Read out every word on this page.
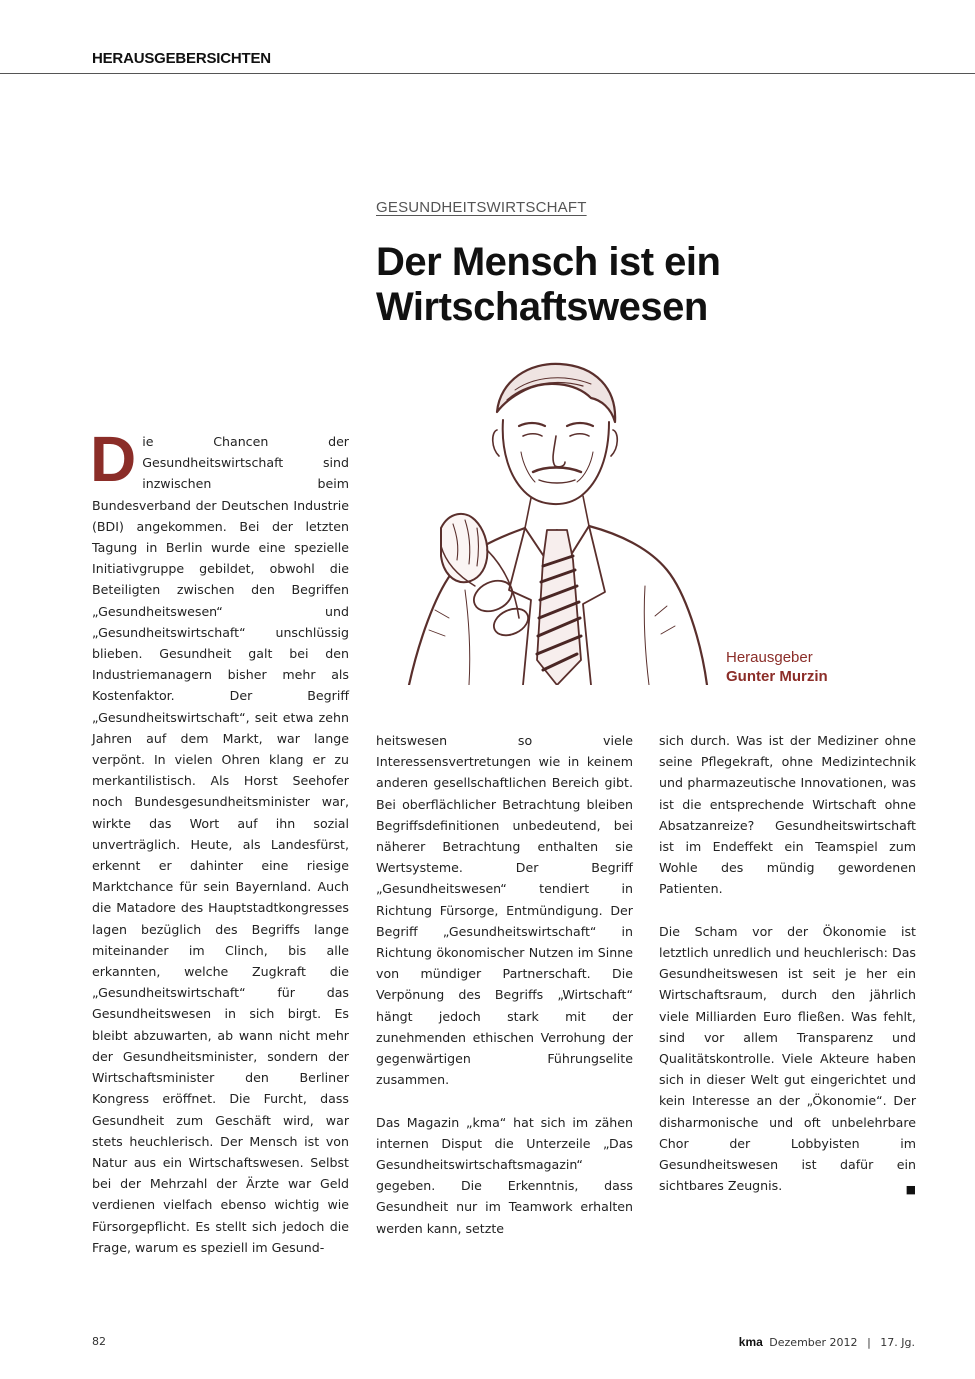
HERAUSGEBERSICHTEN
GESUNDHEITSWIRTSCHAFT
Der Mensch ist ein Wirtschaftswesen
Herausgeber
Gunter Murzin
D ie Chancen der Gesundheitswirtschaft sind inzwischen beim Bundesverband der Deutschen Industrie (BDI) angekommen. Bei der letzten Tagung in Berlin wurde eine spezielle Initiativgruppe gebildet, obwohl die Beteiligten zwischen den Begriffen „Gesundheitswesen“ und „Gesundheitswirtschaft“ unschlüssig blieben. Gesundheit galt bei den Industriemanagern bisher mehr als Kostenfaktor. Der Begriff „Gesundheitswirtschaft“, seit etwa zehn Jahren auf dem Markt, war lange verpönt. In vielen Ohren klang er zu merkantilistisch. Als Horst Seehofer noch Bundesgesundheitsminister war, wirkte das Wort auf ihn sozial unverträglich. Heute, als Landesfürst, erkennt er dahinter eine riesige Marktchance für sein Bayernland. Auch die Matadore des Hauptstadtkongresses lagen bezüglich des Begriffs lange miteinander im Clinch, bis alle erkannten, welche Zugkraft die „Gesundheitswirtschaft“ für das Gesundheitswesen in sich birgt. Es bleibt abzuwarten, ab wann nicht mehr der Gesundheitsminister, sondern der Wirtschaftsminister den Berliner Kongress eröffnet. Die Furcht, dass Gesundheit zum Geschäft wird, war stets heuchlerisch. Der Mensch ist von Natur aus ein Wirtschaftswesen. Selbst bei der Mehrzahl der Ärzte war Geld verdienen vielfach ebenso wichtig wie Fürsorgepflicht. Es stellt sich jedoch die Frage, warum es speziell im Gesund-

heitswesen so viele Interessensvertretungen wie in keinem anderen gesellschaftlichen Bereich gibt. Bei oberflächlicher Betrachtung bleiben Begriffsdefinitionen unbedeutend, bei näherer Betrachtung enthalten sie Wertsysteme. Der Begriff „Gesundheitswesen“ tendiert in Richtung Fürsorge, Entmündigung. Der Begriff „Gesundheitswirtschaft“ in Richtung ökonomischer Nutzen im Sinne von mündiger Partnerschaft. Die Verpönung des Begriffs „Wirtschaft“ hängt jedoch stark mit der zunehmenden ethischen Verrohung der gegenwärtigen Führungselite zusammen.

Das Magazin „kma“ hat sich im zähen internen Disput die Unterzeile „Das Gesundheitswirtschaftsmagazin“ gegeben. Die Erkenntnis, dass Gesundheit nur im Teamwork erhalten werden kann, setzte

sich durch. Was ist der Mediziner ohne seine Pflegekraft, ohne Medizintechnik und pharmazeutische Innovationen, was ist die entsprechende Wirtschaft ohne Absatzanreize? Gesundheitswirtschaft ist im Endeffekt ein Teamspiel zum Wohle des mündig gewordenen Patienten.

Die Scham vor der Ökonomie ist letztlich unredlich und heuchlerisch: Das Gesundheitswesen ist seit je her ein Wirtschaftsraum, durch den jährlich viele Milliarden Euro fließen. Was fehlt, sind vor allem Transparenz und Qualitätskontrolle. Viele Akteure haben sich in dieser Welt gut eingerichtet und kein Interesse an der „Ökonomie“. Der disharmonische und oft unbelehrbare Chor der Lobbyisten im Gesundheitswesen ist dafür ein sichtbares Zeugnis.	■

82	kma Dezember 2012 | 17. Jg.
